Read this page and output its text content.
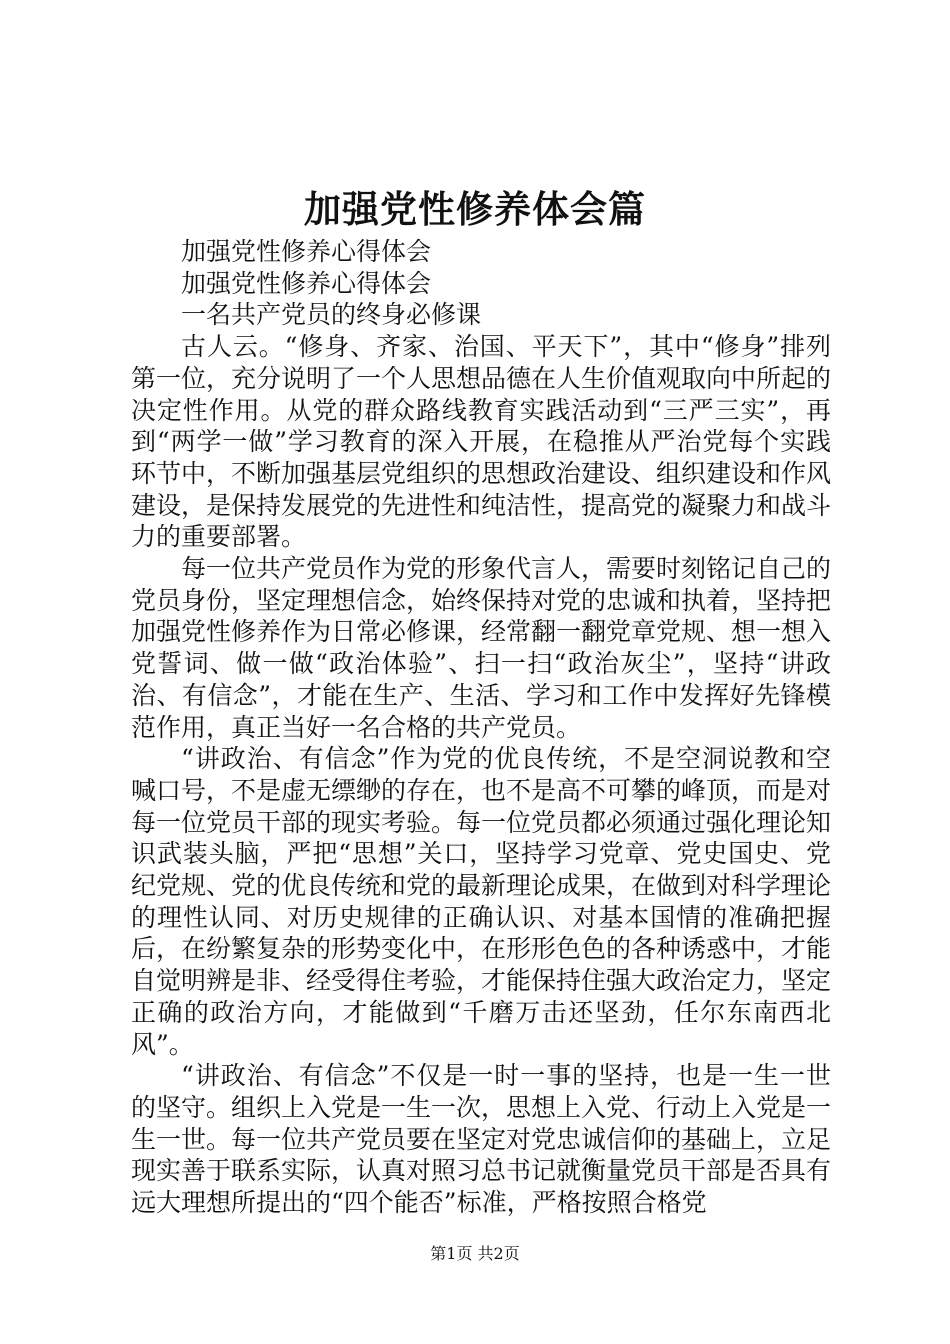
加强党性修养体会篇
加强党性修养心得体会
加强党性修养心得体会
一名共产党员的终身必修课

古人云。“修身、齐家、治国、平天下”，其中“修身”排列第一位，充分说明了一个人思想品德在人生价值观取向中所起的决定性作用。从党的群众路线教育实践活动到“三严三实”，再到“两学一做”学习教育的深入开展，在稳推从严治党每个实践环节中，不断加强基层党组织的思想政治建设、组织建设和作风建设，是保持发展党的先进性和纯洁性，提高党的凝聚力和战斗力的重要部署。

每一位共产党员作为党的形象代言人，需要时刻铭记自己的党员身份，坚定理想信念，始终保持对党的忠诚和执着，坚持把加强党性修养作为日常必修课，经常翻一翻党章党规、想一想入党誓词、做一做“政治体验”、扫一扫“政治灰尘”，坚持“讲政治、有信念”，才能在生产、生活、学习和工作中发挥好先锋模范作用，真正当好一名合格的共产党员。

“讲政治、有信念”作为党的优良传统，不是空洞说教和空喊口号，不是虚无缥缈的存在，也不是高不可攀的峰顶，而是对每一位党员干部的现实考验。每一位党员都必须通过强化理论知识武装头脑，严把“思想”关口，坚持学习党章、党史国史、党纪党规、党的优良传统和党的最新理论成果，在做到对科学理论的理性认同、对历史规律的正确认识、对基本国情的准确把握后，在纷繁复杂的形势变化中，在形形色色的各种诱惑中，才能自觉明辨是非、经受得住考验，才能保持住强大政治定力，坚定正确的政治方向，才能做到“千磨万击还坚劲，任尔东南西北风”。

“讲政治、有信念”不仅是一时一事的坚持，也是一生一世的坚守。组织上入党是一生一次，思想上入党、行动上入党是一生一世。每一位共产党员要在坚定对党忠诚信仰的基础上，立足现实善于联系实际，认真对照习总书记就衡量党员干部是否具有远大理想所提出的“四个能否”标准，严格按照合格党

第1页 共2页
